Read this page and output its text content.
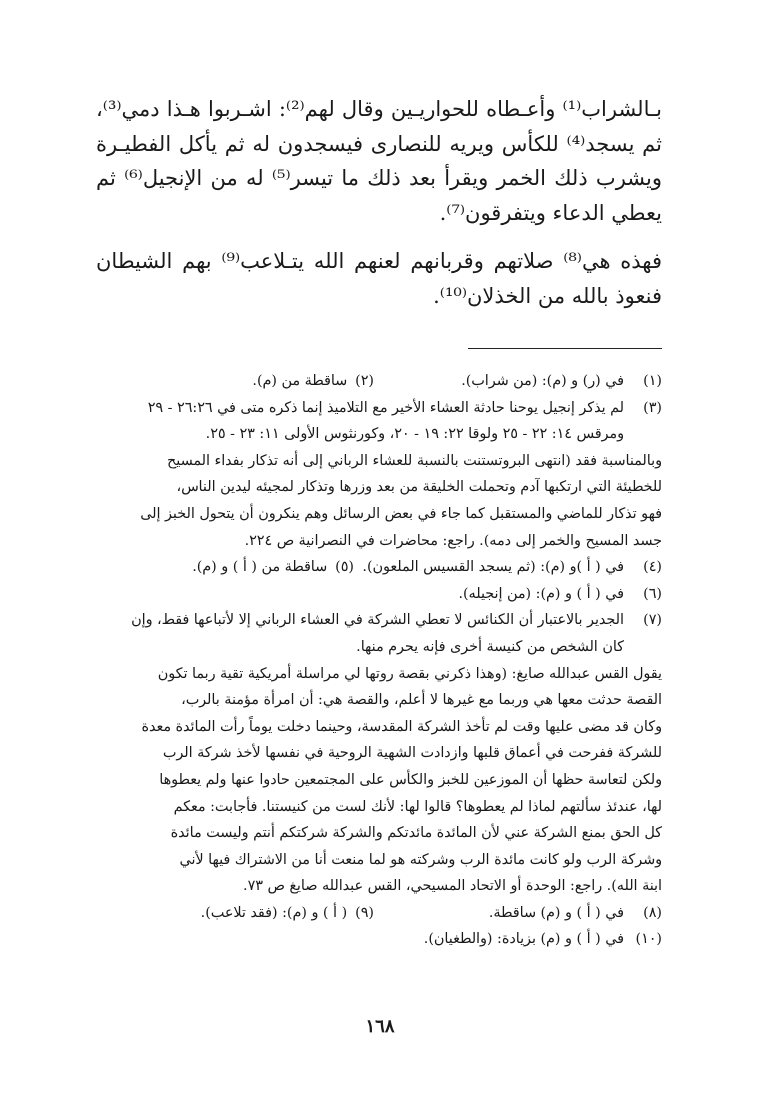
بـالشراب⁽¹⁾ وأعـطاه للحواريـين وقال لهم⁽²⁾: اشـربوا هـذا دمي⁽³⁾، ثم يسجد⁽⁴⁾ للكأس ويريه للنصارى فيسجدون له ثم يأكل الفطيـرة ويشرب ذلك الخمر ويقرأ بعد ذلك ما تيسر⁽⁵⁾ له من الإنجيل⁽⁶⁾ ثم يعطي الدعاء ويتفرقون⁽⁷⁾.

فهذه هي⁽⁸⁾ صلاتهم وقربانهم لعنهم الله يتـلاعب⁽⁹⁾ بهم الشيطان فنعوذ بالله من الخذلان⁽¹⁰⁾.

(١)
في (ر) و (م): (من شراب).
(٢)
ساقطة من (م).
(٣)
لم يذكر إنجيل يوحنا حادثة العشاء الأخير مع التلاميذ إنما ذكره متى في ٢٦:٢٦ - ٢٩
ومرقس ١٤: ٢٢ - ٢٥ ولوقا ٢٢: ١٩ - ٢٠، وكورنثوس الأولى ١١: ٢٣ - ٢٥.
وبالمناسبة فقد (انتهى البروتستنت بالنسبة للعشاء الرباني إلى أنه تذكار بفداء المسيح
للخطيئة التي ارتكبها آدم وتحملت الخليقة من بعد وزرها وتذكار لمجيئه ليدين الناس،
فهو تذكار للماضي والمستقبل كما جاء في بعض الرسائل وهم ينكرون أن يتحول الخبز إلى
جسد المسيح والخمر إلى دمه). راجع: محاضرات في النصرانية ص ٢٢٤.
(٤)
في ( أ )و (م): (ثم يسجد القسيس الملعون).
(٥)
ساقطة من ( أ ) و (م).
(٦)
في ( أ ) و (م): (من إنجيله).
(٧)
الجدير بالاعتبار أن الكنائس لا تعطي الشركة في العشاء الرباني إلا لأتباعها فقط، وإن
كان الشخص من كنيسة أخرى فإنه يحرم منها.
يقول القس عبدالله صايغ: (وهذا ذكرني بقصة روتها لي مراسلة أمريكية تقية ربما تكون
القصة حدثت معها هي وربما مع غيرها لا أعلم، والقصة هي: أن امرأة مؤمنة بالرب،
وكان قد مضى عليها وقت لم تأخذ الشركة المقدسة، وحينما دخلت يوماً رأت المائدة معدة
للشركة ففرحت في أعماق قلبها وازدادت الشهية الروحية في نفسها لأخذ شركة الرب
ولكن لتعاسة حظها أن الموزعين للخبز والكأس على المجتمعين حادوا عنها ولم يعطوها
لها، عندئذ سألتهم لماذا لم يعطوها؟ قالوا لها: لأنك لست من كنيستنا. فأجابت: معكم
كل الحق بمنع الشركة عني لأن المائدة مائدتكم والشركة شركتكم أنتم وليست مائدة
وشركة الرب ولو كانت مائدة الرب وشركته هو لما منعت أنا من الاشتراك فيها لأني
ابنة الله). راجع: الوحدة أو الاتحاد المسيحي، القس عبدالله صايغ ص ٧٣.
(٨)
في ( أ ) و (م) ساقطة.
(٩)
( أ ) و (م): (فقد تلاعب).
(١٠)
في ( أ ) و (م) بزيادة: (والطغيان).
١٦٨
